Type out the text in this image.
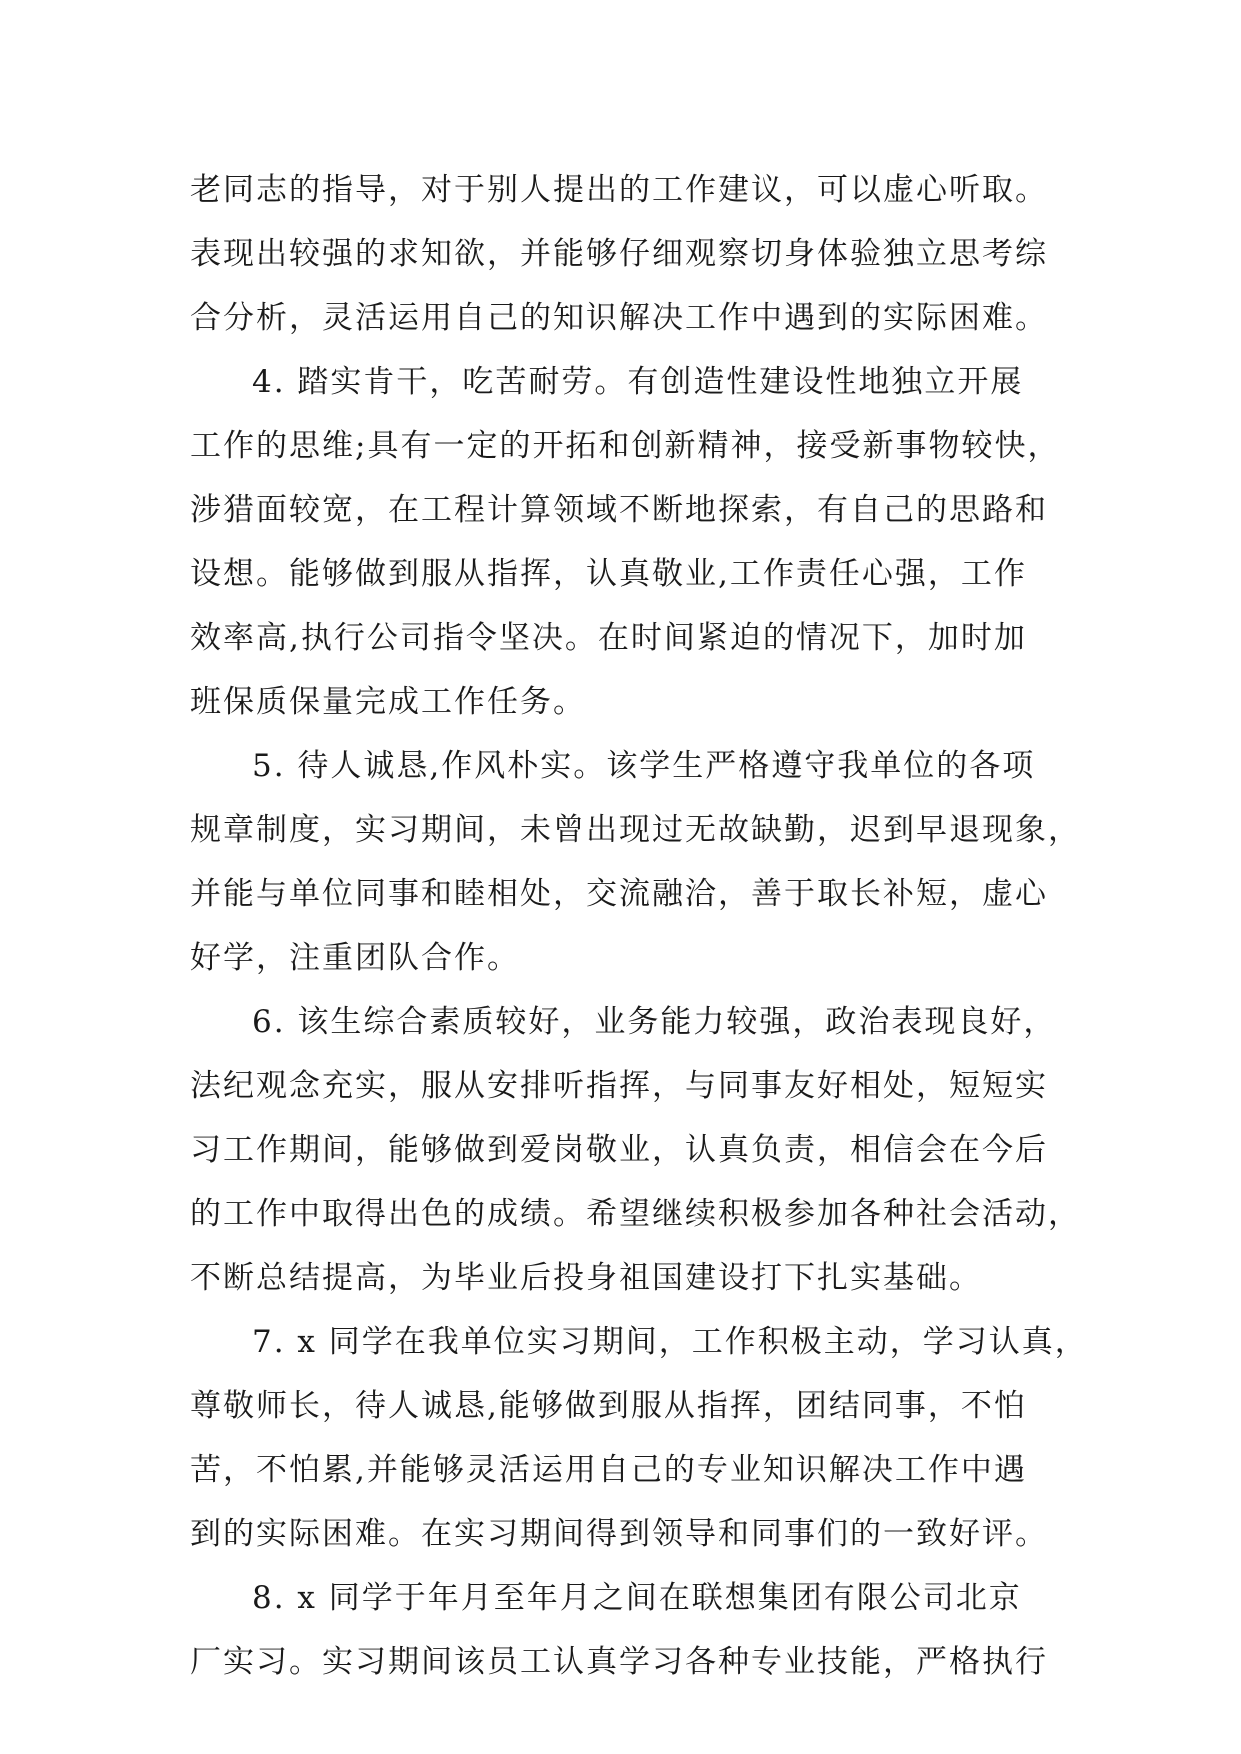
老同志的指导，对于别人提出的工作建议，可以虚心听取。
表现出较强的求知欲，并能够仔细观察切身体验独立思考综
合分析，灵活运用自己的知识解决工作中遇到的实际困难。
4. 踏实肯干，吃苦耐劳。有创造性建设性地独立开展
工作的思维;具有一定的开拓和创新精神，接受新事物较快，
涉猎面较宽，在工程计算领域不断地探索，有自己的思路和
设想。能够做到服从指挥，认真敬业,工作责任心强，工作
效率高,执行公司指令坚决。在时间紧迫的情况下，加时加
班保质保量完成工作任务。
5. 待人诚恳,作风朴实。该学生严格遵守我单位的各项
规章制度，实习期间，未曾出现过无故缺勤，迟到早退现象，
并能与单位同事和睦相处，交流融洽，善于取长补短，虚心
好学，注重团队合作。
6. 该生综合素质较好，业务能力较强，政治表现良好，
法纪观念充实，服从安排听指挥，与同事友好相处，短短实
习工作期间，能够做到爱岗敬业，认真负责，相信会在今后
的工作中取得出色的成绩。希望继续积极参加各种社会活动，
不断总结提高，为毕业后投身祖国建设打下扎实基础。
7. x 同学在我单位实习期间，工作积极主动，学习认真，
尊敬师长，待人诚恳,能够做到服从指挥，团结同事，不怕
苦，不怕累,并能够灵活运用自己的专业知识解决工作中遇
到的实际困难。在实习期间得到领导和同事们的一致好评。
8. x 同学于年月至年月之间在联想集团有限公司北京
厂实习。实习期间该员工认真学习各种专业技能，严格执行
